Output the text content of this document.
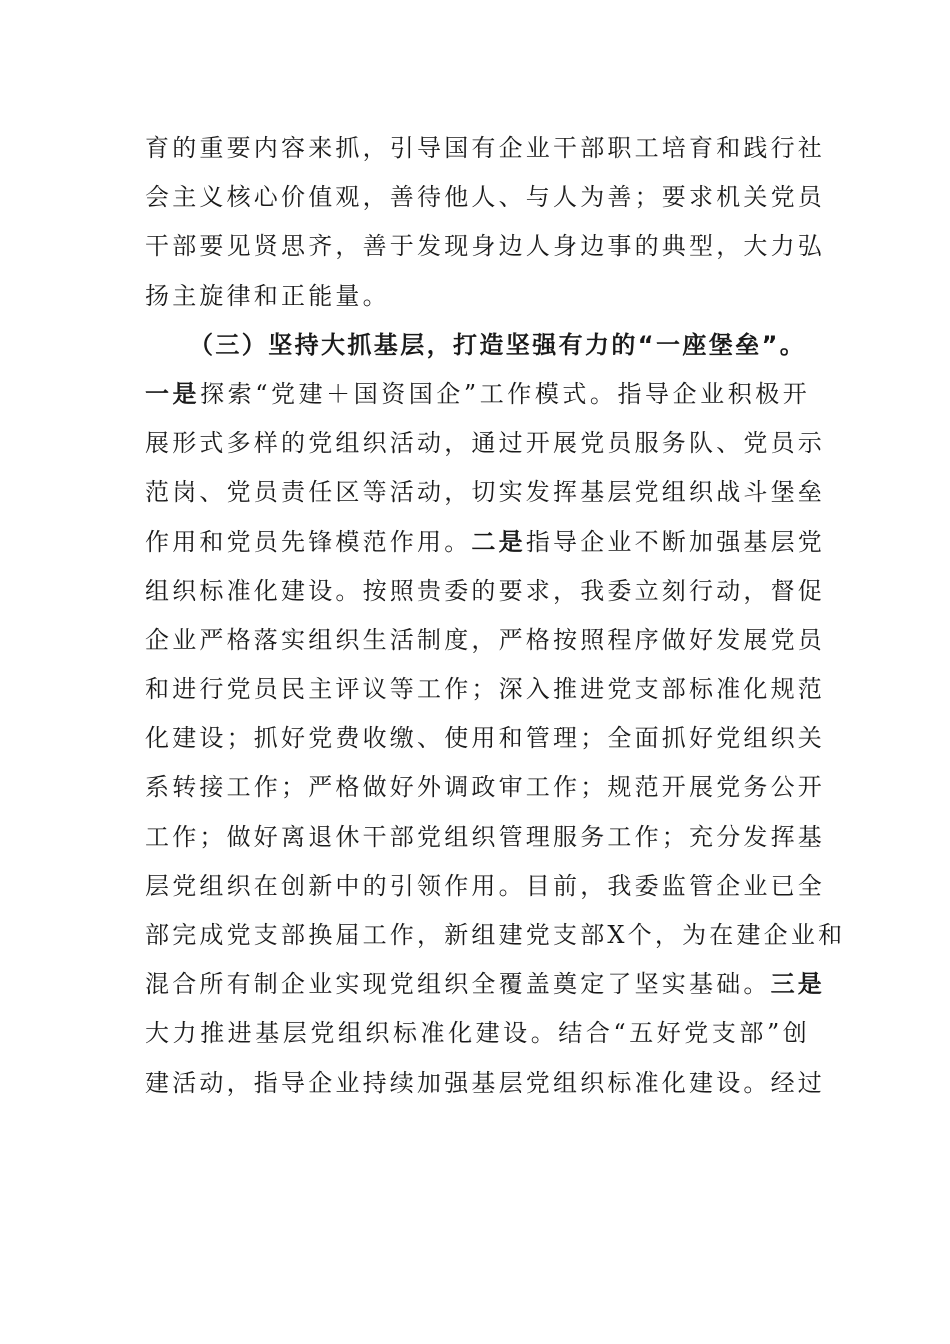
育的重要内容来抓，引导国有企业干部职工培育和践行社
会主义核心价值观，善待他人、与人为善；要求机关党员
干部要见贤思齐，善于发现身边人身边事的典型，大力弘
扬主旋律和正能量。
（三）坚持大抓基层，打造坚强有力的“一座堡垒”。
一是探索“党建＋国资国企”工作模式。指导企业积极开
展形式多样的党组织活动，通过开展党员服务队、党员示
范岗、党员责任区等活动，切实发挥基层党组织战斗堡垒
作用和党员先锋模范作用。二是指导企业不断加强基层党
组织标准化建设。按照贵委的要求，我委立刻行动，督促
企业严格落实组织生活制度，严格按照程序做好发展党员
和进行党员民主评议等工作；深入推进党支部标准化规范
化建设；抓好党费收缴、使用和管理；全面抓好党组织关
系转接工作；严格做好外调政审工作；规范开展党务公开
工作；做好离退休干部党组织管理服务工作；充分发挥基
层党组织在创新中的引领作用。目前，我委监管企业已全
部完成党支部换届工作，新组建党支部X个，为在建企业和
混合所有制企业实现党组织全覆盖奠定了坚实基础。三是
大力推进基层党组织标准化建设。结合“五好党支部”创
建活动，指导企业持续加强基层党组织标准化建设。经过
